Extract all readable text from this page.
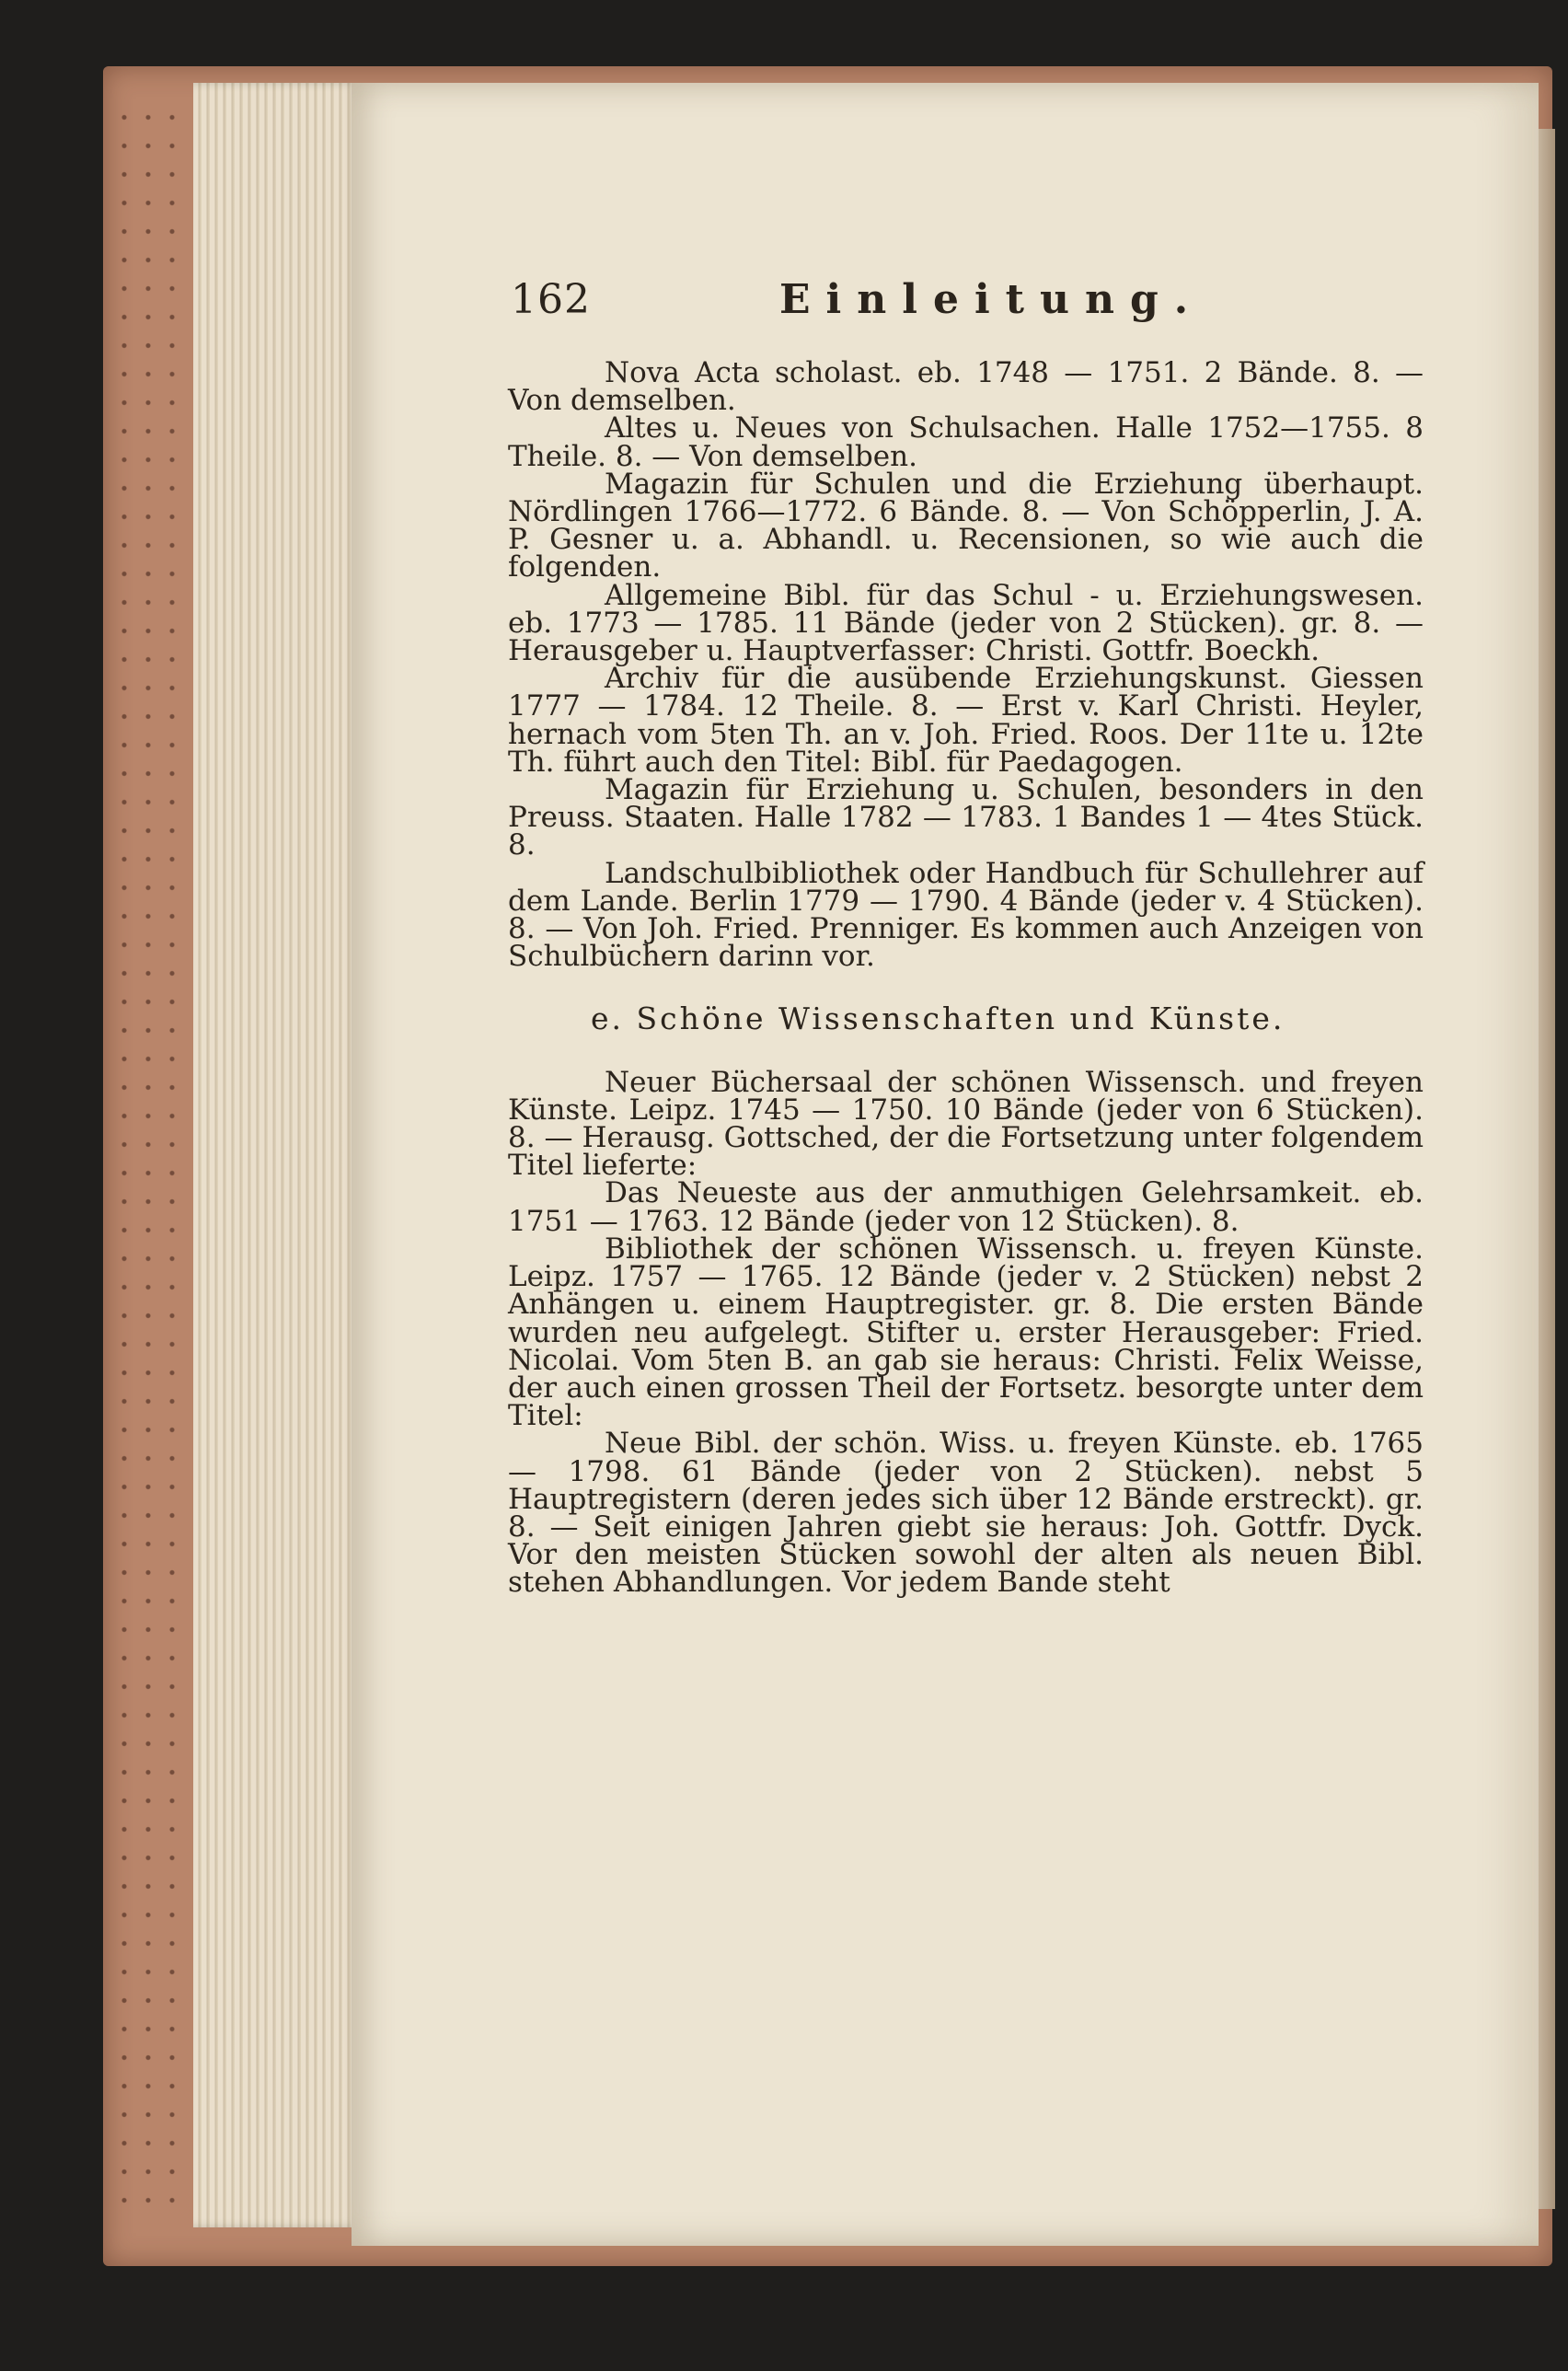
162	Einleitung.

Nova Acta scholast. eb. 1748 — 1751. 2 Bände. 8. — Von demselben.

Altes u. Neues von Schulsachen. Halle 1752—1755. 8 Theile. 8. — Von demselben.

Magazin für Schulen und die Erziehung überhaupt. Nördlingen 1766—1772. 6 Bände. 8. — Von Schöpperlin, J. A. P. Gesner u. a. Abhandl. u. Recensionen, so wie auch die folgenden.

Allgemeine Bibl. für das Schul - u. Erziehungswesen. eb. 1773 — 1785. 11 Bände (jeder von 2 Stücken). gr. 8. — Herausgeber u. Hauptverfasser: Christi. Gottfr. Boeckh.

Archiv für die ausübende Erziehungskunst. Giessen 1777 — 1784. 12 Theile. 8. — Erst v. Karl Christi. Heyler, hernach vom 5ten Th. an v. Joh. Fried. Roos. Der 11te u. 12te Th. führt auch den Titel: Bibl. für Paedagogen.

Magazin für Erziehung u. Schulen, besonders in den Preuss. Staaten. Halle 1782 — 1783. 1 Bandes 1 — 4tes Stück. 8.

Landschulbibliothek oder Handbuch für Schullehrer auf dem Lande. Berlin 1779 — 1790. 4 Bände (jeder v. 4 Stücken). 8. — Von Joh. Fried. Prenniger. Es kommen auch Anzeigen von Schulbüchern darinn vor.

e. Schöne Wissenschaften und Künste.

Neuer Büchersaal der schönen Wissensch. und freyen Künste. Leipz. 1745 — 1750. 10 Bände (jeder von 6 Stücken). 8. — Herausg. Gottsched, der die Fortsetzung unter folgendem Titel lieferte:

Das Neueste aus der anmuthigen Gelehrsamkeit. eb. 1751 — 1763. 12 Bände (jeder von 12 Stücken). 8.

Bibliothek der schönen Wissensch. u. freyen Künste. Leipz. 1757 — 1765. 12 Bände (jeder v. 2 Stücken) nebst 2 Anhängen u. einem Hauptregister. gr. 8. Die ersten Bände wurden neu aufgelegt. Stifter u. erster Herausgeber: Fried. Nicolai. Vom 5ten B. an gab sie heraus: Christi. Felix Weisse, der auch einen grossen Theil der Fortsetz. besorgte unter dem Titel:

Neue Bibl. der schön. Wiss. u. freyen Künste. eb. 1765 — 1798. 61 Bände (jeder von 2 Stücken). nebst 5 Hauptregistern (deren jedes sich über 12 Bände erstreckt). gr. 8. — Seit einigen Jahren giebt sie heraus: Joh. Gottfr. Dyck. Vor den meisten Stücken sowohl der alten als neuen Bibl. stehen Abhandlungen. Vor jedem Bande steht
